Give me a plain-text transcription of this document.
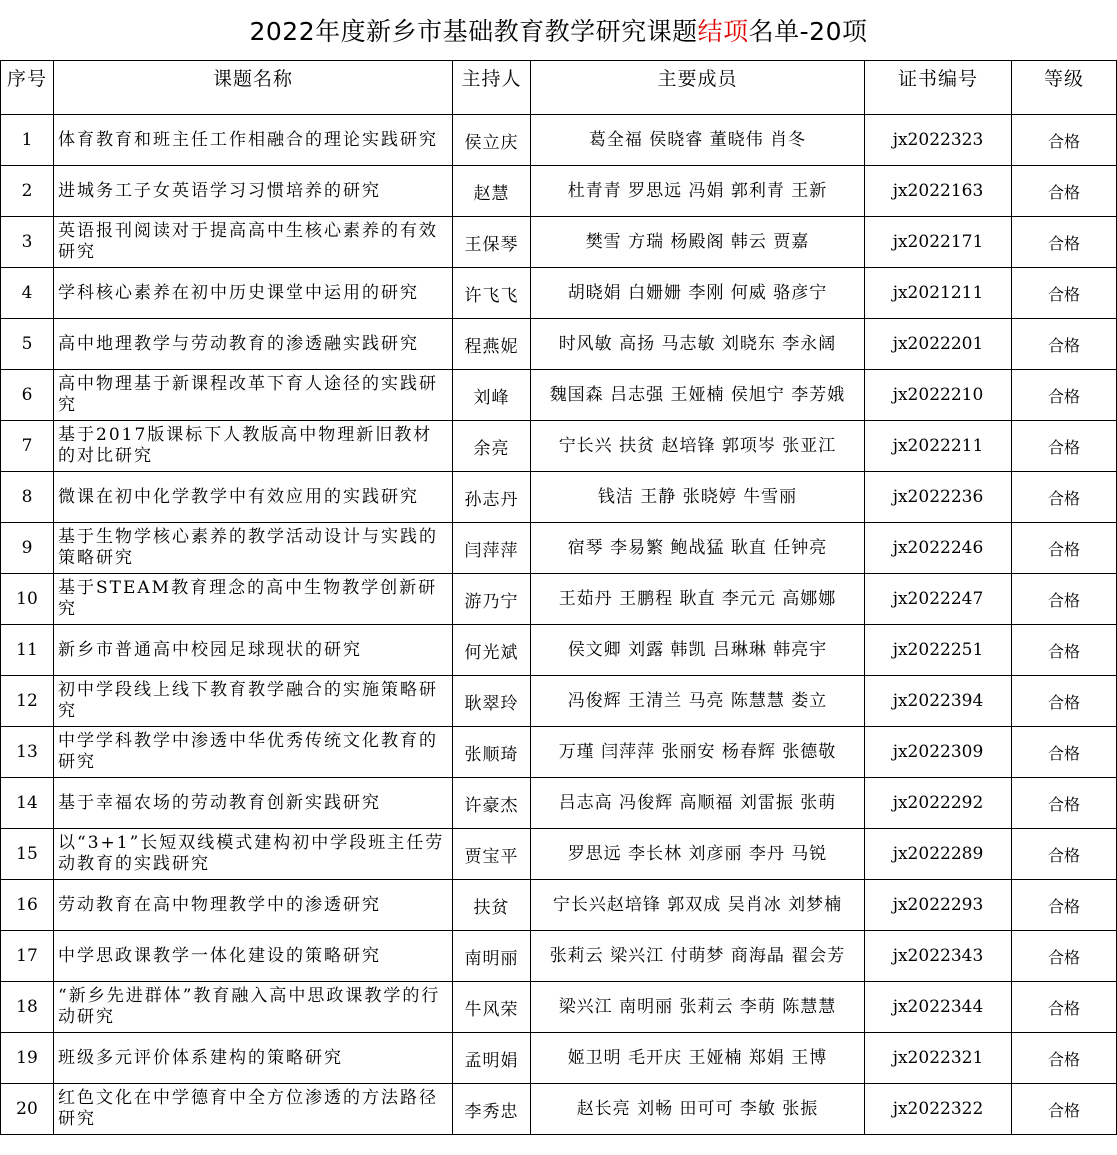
2022年度新乡市基础教育教学研究课题 结项 名单-20项
序号	课题名称	主持人	主要成员	证书编号	等级
1	体育教育和班主任工作相融合的理论实践研究	侯立庆	葛全福 侯晓睿 董晓伟 肖冬	jx2022323	合格
2	进城务工子女英语学习习惯培养的研究	赵慧	杜青青 罗思远 冯娟 郭利青 王新	jx2022163	合格
3	英语报刊阅读对于提高高中生核心素养的有效研究	王保琴	樊雪 方瑞 杨殿阁 韩云 贾嘉	jx2022171	合格
4	学科核心素养在初中历史课堂中运用的研究	许飞飞	胡晓娟 白姗姗 李刚 何威 骆彦宁	jx2021211	合格
5	高中地理教学与劳动教育的渗透融实践研究	程燕妮	时风敏 高扬 马志敏 刘晓东 李永阔	jx2022201	合格
6	高中物理基于新课程改革下育人途径的实践研究	刘峰	魏国森 吕志强 王娅楠 侯旭宁 李芳娥	jx2022210	合格
7	基于2017版课标下人教版高中物理新旧教材的对比研究	余亮	宁长兴 扶贫 赵培锋 郭项岑 张亚江	jx2022211	合格
8	微课在初中化学教学中有效应用的实践研究	孙志丹	钱洁 王静 张晓婷 牛雪丽	jx2022236	合格
9	基于生物学核心素养的教学活动设计与实践的策略研究	闫萍萍	宿琴 李易繁 鲍战猛 耿直 任钟亮	jx2022246	合格
10	基于STEAM教育理念的高中生物教学创新研究	游乃宁	王茹丹 王鹏程 耿直 李元元 高娜娜	jx2022247	合格
11	新乡市普通高中校园足球现状的研究	何光斌	侯文卿 刘露 韩凯 吕琳琳 韩亮宇	jx2022251	合格
12	初中学段线上线下教育教学融合的实施策略研究	耿翠玲	冯俊辉 王清兰 马亮 陈慧慧 娄立	jx2022394	合格
13	中学学科教学中渗透中华优秀传统文化教育的研究	张顺琦	万瑾 闫萍萍 张丽安 杨春辉 张德敬	jx2022309	合格
14	基于幸福农场的劳动教育创新实践研究	许豪杰	吕志高 冯俊辉 高顺福 刘雷振 张萌	jx2022292	合格
15	以“3+1”长短双线模式建构初中学段班主任劳动教育的实践研究	贾宝平	罗思远 李长林 刘彦丽 李丹 马锐	jx2022289	合格
16	劳动教育在高中物理教学中的渗透研究	扶贫	宁长兴赵培锋 郭双成 吴肖冰 刘梦楠	jx2022293	合格
17	中学思政课教学一体化建设的策略研究	南明丽	张莉云 梁兴江 付萌梦 商海晶 翟会芳	jx2022343	合格
18	“新乡先进群体”教育融入高中思政课教学的行动研究	牛风荣	梁兴江 南明丽 张莉云 李萌 陈慧慧	jx2022344	合格
19	班级多元评价体系建构的策略研究	孟明娟	姬卫明 毛开庆 王娅楠 郑娟 王博	jx2022321	合格
20	红色文化在中学德育中全方位渗透的方法路径研究	李秀忠	赵长亮 刘畅 田可可 李敏 张振	jx2022322	合格
